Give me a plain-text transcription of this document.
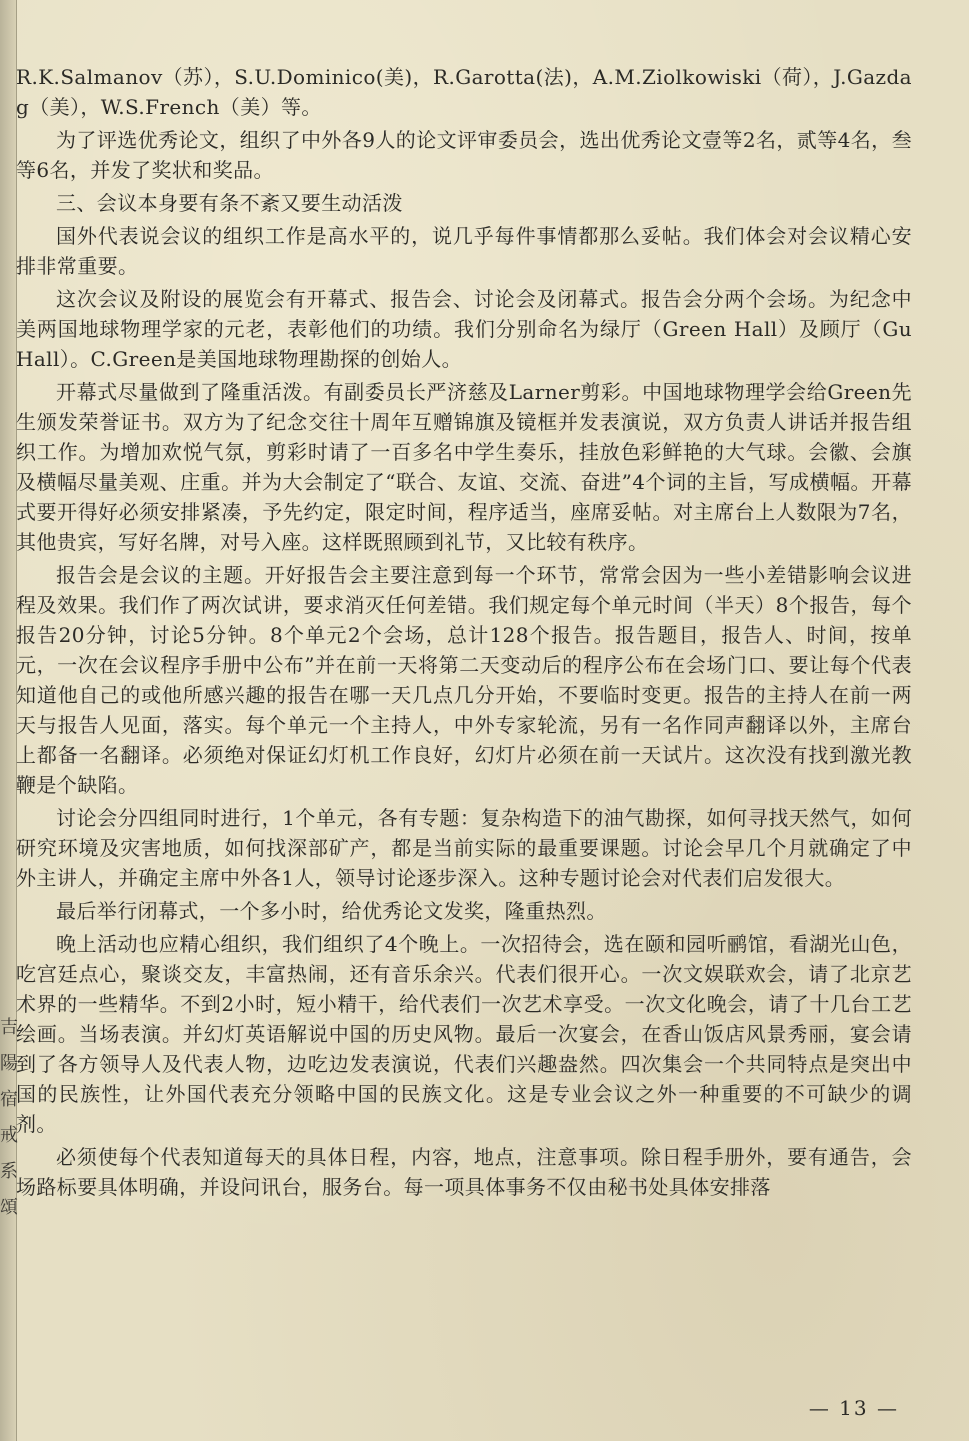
吉
陽
宿
戒
系
頌

R.K.Salmanov（苏），S.U.Dominico(美)，R.Garotta(法)，A.M.Ziolkowiski（荷），J.Gazdag（美），W.S.French（美）等。

为了评选优秀论文，组织了中外各9人的论文评审委员会，选出优秀论文壹等2名，贰等4名，叁等6名，并发了奖状和奖品。

三、会议本身要有条不紊又要生动活泼

国外代表说会议的组织工作是高水平的，说几乎每件事情都那么妥帖。我们体会对会议精心安排非常重要。

这次会议及附设的展览会有开幕式、报告会、讨论会及闭幕式。报告会分两个会场。为纪念中美两国地球物理学家的元老，表彰他们的功绩。我们分别命名为绿厅（Green Hall）及顾厅（Gu Hall）。C.Green是美国地球物理勘探的创始人。

开幕式尽量做到了隆重活泼。有副委员长严济慈及Larner剪彩。中国地球物理学会给Green先生颁发荣誉证书。双方为了纪念交往十周年互赠锦旗及镜框并发表演说，双方负责人讲话并报告组织工作。为增加欢悦气氛，剪彩时请了一百多名中学生奏乐，挂放色彩鲜艳的大气球。会徽、会旗及横幅尽量美观、庄重。并为大会制定了“联合、友谊、交流、奋进”4个词的主旨，写成横幅。开幕式要开得好必须安排紧凑，予先约定，限定时间，程序适当，座席妥帖。对主席台上人数限为7名，其他贵宾，写好名牌，对号入座。这样既照顾到礼节，又比较有秩序。

报告会是会议的主题。开好报告会主要注意到每一个环节，常常会因为一些小差错影响会议进程及效果。我们作了两次试讲，要求消灭任何差错。我们规定每个单元时间（半天）8个报告，每个报告20分钟，讨论5分钟。8个单元2个会场，总计128个报告。报告题目，报告人、时间，按单元，一次在会议程序手册中公布”并在前一天将第二天变动后的程序公布在会场门口、要让每个代表知道他自己的或他所感兴趣的报告在哪一天几点几分开始，不要临时变更。报告的主持人在前一两天与报告人见面，落实。每个单元一个主持人，中外专家轮流，另有一名作同声翻译以外，主席台上都备一名翻译。必须绝对保证幻灯机工作良好，幻灯片必须在前一天试片。这次没有找到激光教鞭是个缺陷。

讨论会分四组同时进行，1个单元，各有专题：复杂构造下的油气勘探，如何寻找天然气，如何研究环境及灾害地质，如何找深部矿产，都是当前实际的最重要课题。讨论会早几个月就确定了中外主讲人，并确定主席中外各1人，领导讨论逐步深入。这种专题讨论会对代表们启发很大。

最后举行闭幕式，一个多小时，给优秀论文发奖，隆重热烈。

晚上活动也应精心组织，我们组织了4个晚上。一次招待会，选在颐和园听鹂馆，看湖光山色，吃宫廷点心，聚谈交友，丰富热闹，还有音乐余兴。代表们很开心。一次文娱联欢会，请了北京艺术界的一些精华。不到2小时，短小精干，给代表们一次艺术享受。一次文化晚会，请了十几台工艺绘画。当场表演。并幻灯英语解说中国的历史风物。最后一次宴会，在香山饭店风景秀丽，宴会请到了各方领导人及代表人物，边吃边发表演说，代表们兴趣盎然。四次集会一个共同特点是突出中国的民族性，让外国代表充分领略中国的民族文化。这是专业会议之外一种重要的不可缺少的调剂。

必须使每个代表知道每天的具体日程，内容，地点，注意事项。除日程手册外，要有通告，会场路标要具体明确，并设问讯台，服务台。每一项具体事务不仅由秘书处具体安排落

— 13 —
